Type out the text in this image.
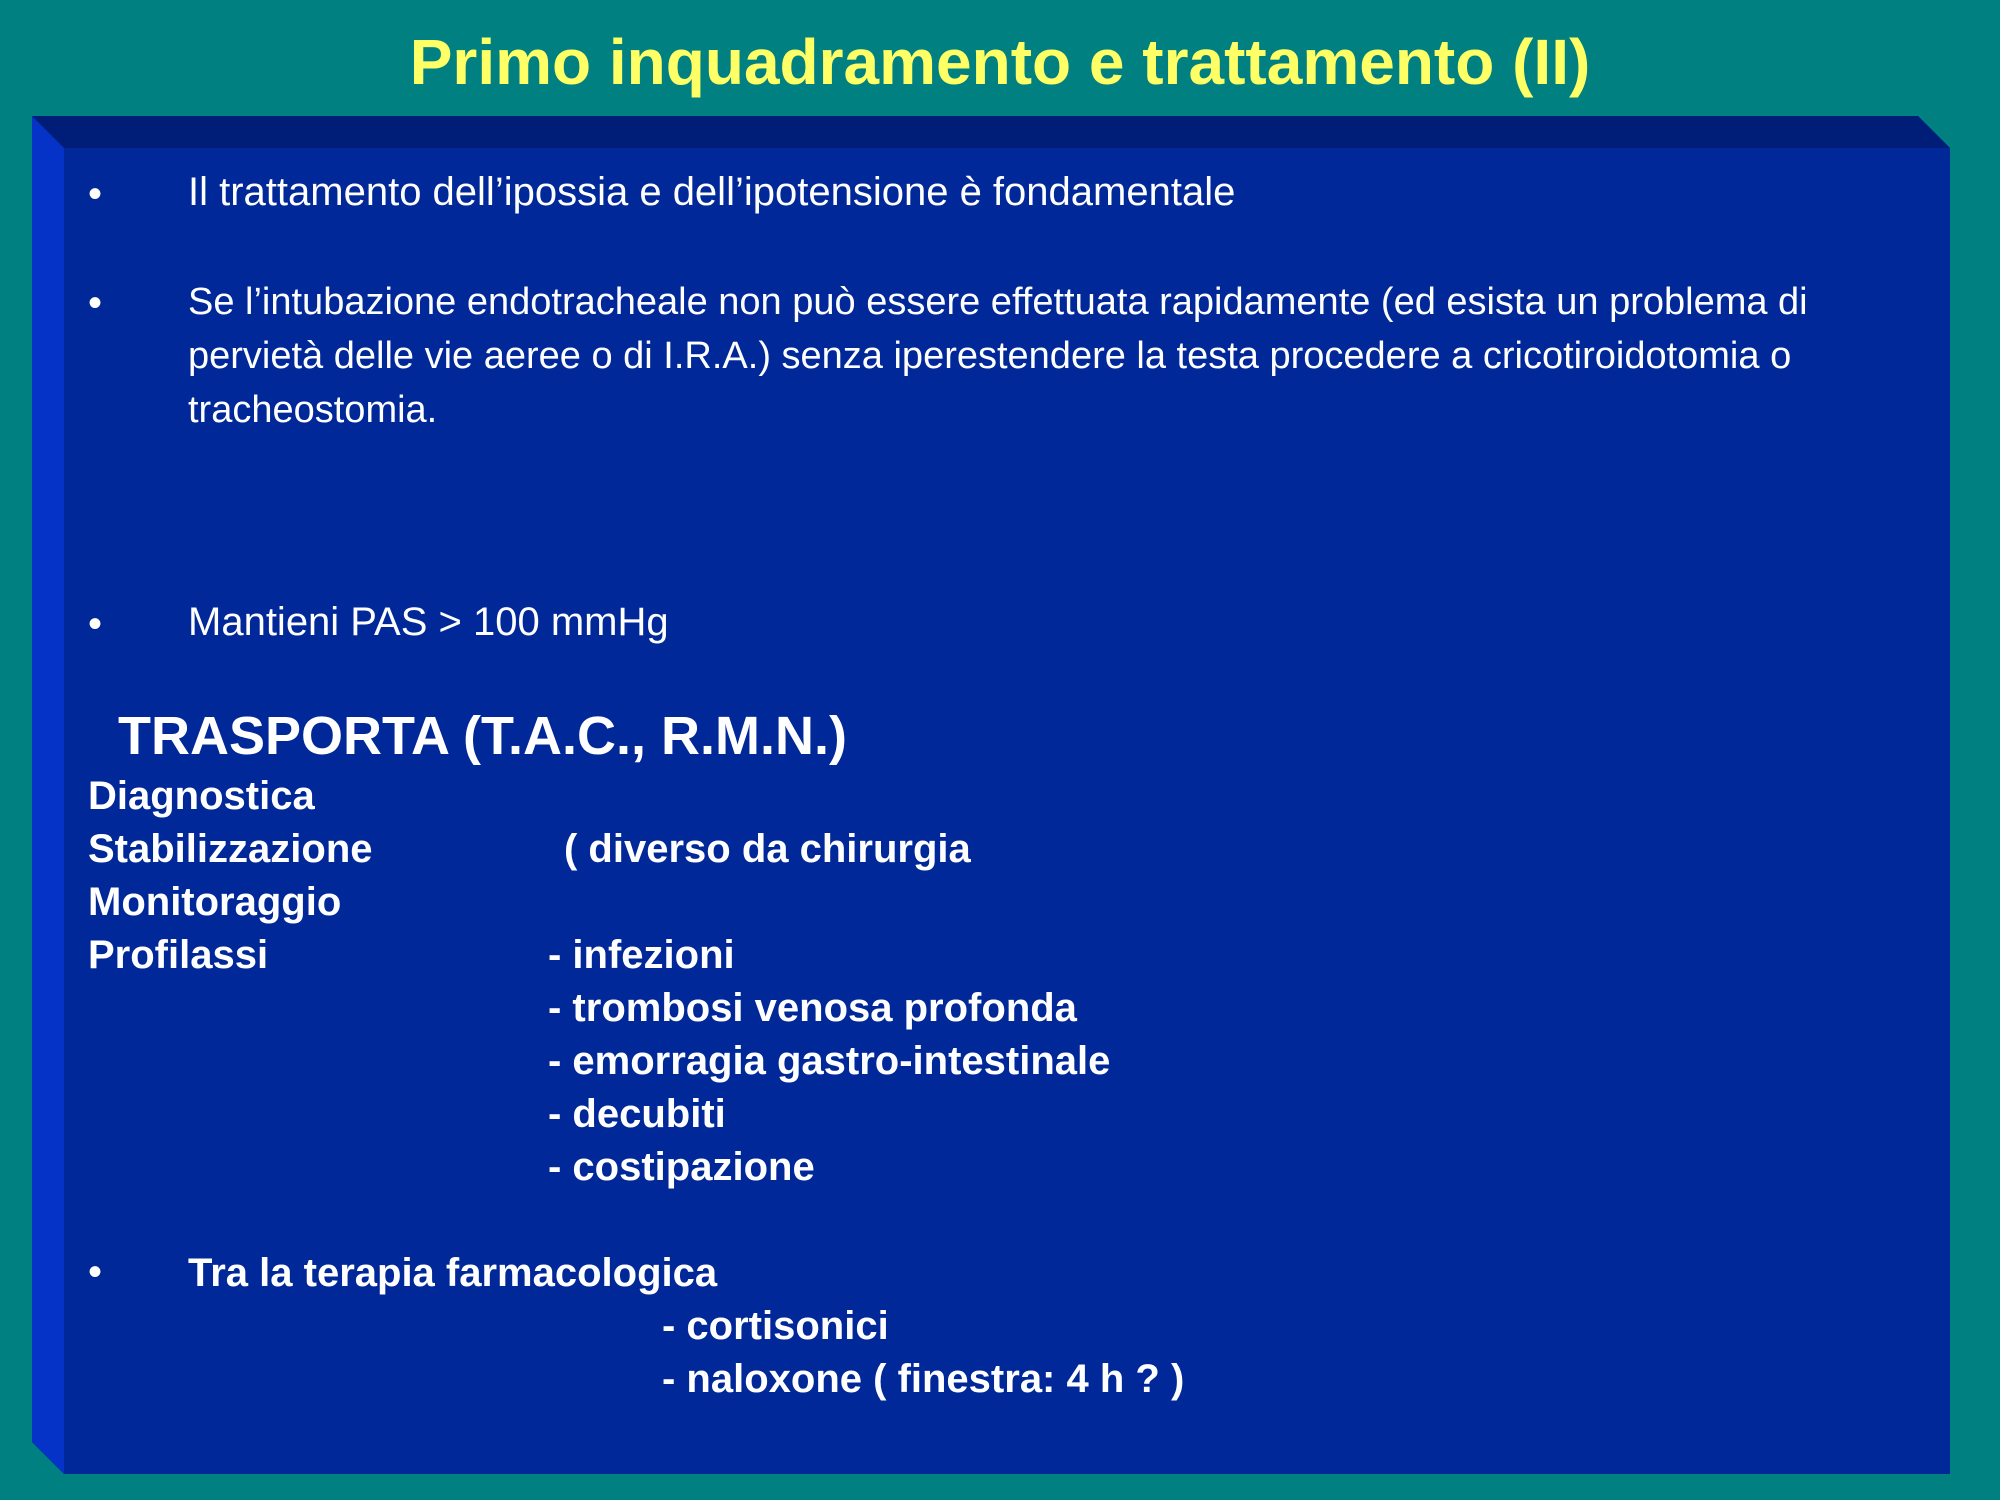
Primo inquadramento e trattamento (II)
• Il trattamento dell’ipossia e dell’ipotensione è fondamentale
• Se l’intubazione endotracheale non può essere effettuata rapidamente (ed esista un problema di pervietà delle vie aeree o di I.R.A.) senza iperestendere la testa procedere a cricotiroidotomia o tracheostomia.
• Mantieni PAS > 100 mmHg
TRASPORTA (T.A.C., R.M.N.)
Diagnostica
Stabilizzazione	( diverso da chirurgia
Monitoraggio
Profilassi	- infezioni
- trombosi venosa profonda
- emorragia gastro-intestinale
- decubiti
- costipazione
• Tra la terapia farmacologica
- cortisonici
- naloxone ( finestra: 4 h ? )
